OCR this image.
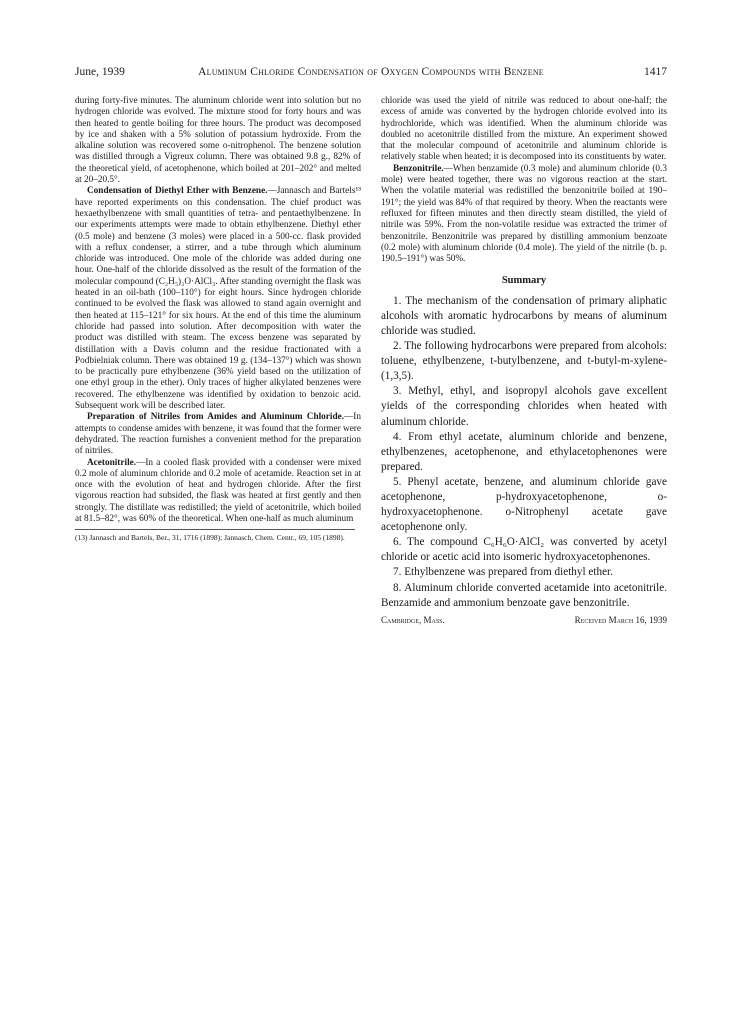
June, 1939	Aluminum Chloride Condensation of Oxygen Compounds with Benzene	1417

during forty-five minutes. The aluminum chloride went into solution but no hydrogen chloride was evolved. The mixture stood for forty hours and was then heated to gentle boiling for three hours. The product was decomposed by ice and shaken with a 5% solution of potassium hydroxide. From the alkaline solution was recovered some o-nitrophenol. The benzene solution was distilled through a Vigreux column. There was obtained 9.8 g., 82% of the theoretical yield, of acetophenone, which boiled at 201–202° and melted at 20–20.5°.

Condensation of Diethyl Ether with Benzene.—Jannasch and Bartels¹³ have reported experiments on this condensation. The chief product was hexaethylbenzene with small quantities of tetra- and pentaethylbenzene. In our experiments attempts were made to obtain ethylbenzene. Diethyl ether (0.5 mole) and benzene (3 moles) were placed in a 500-cc. flask provided with a reflux condenser, a stirrer, and a tube through which aluminum chloride was introduced. One mole of the chloride was added during one hour. One-half of the chloride dissolved as the result of the formation of the molecular compound (C₂H₅)₂O·AlCl₃. After standing overnight the flask was heated in an oil-bath (100–110°) for eight hours. Since hydrogen chloride continued to be evolved the flask was allowed to stand again overnight and then heated at 115–121° for six hours. At the end of this time the aluminum chloride had passed into solution. After decomposition with water the product was distilled with steam. The excess benzene was separated by distillation with a Davis column and the residue fractionated with a Podbielniak column. There was obtained 19 g. (134–137°) which was shown to be practically pure ethylbenzene (36% yield based on the utilization of one ethyl group in the ether). Only traces of higher alkylated benzenes were recovered. The ethylbenzene was identified by oxidation to benzoic acid. Subsequent work will be described later.

Preparation of Nitriles from Amides and Aluminum Chloride.—In attempts to condense amides with benzene, it was found that the former were dehydrated. The reaction furnishes a convenient method for the preparation of nitriles.

Acetonitrile.—In a cooled flask provided with a condenser were mixed 0.2 mole of aluminum chloride and 0.2 mole of acetamide. Reaction set in at once with the evolution of heat and hydrogen chloride. After the first vigorous reaction had subsided, the flask was heated at first gently and then strongly. The distillate was redistilled; the yield of acetonitrile, which boiled at 81.5–82°, was 60% of the theoretical. When one-half as much aluminum

(13) Jannasch and Bartels, Ber., 31, 1716 (1898); Jannasch, Chem. Centr., 69, 105 (1898).

chloride was used the yield of nitrile was reduced to about one-half; the excess of amide was converted by the hydrogen chloride evolved into its hydrochloride, which was identified. When the aluminum chloride was doubled no acetonitrile distilled from the mixture. An experiment showed that the molecular compound of acetonitrile and aluminum chloride is relatively stable when heated; it is decomposed into its constituents by water.

Benzonitrile.—When benzamide (0.3 mole) and aluminum chloride (0.3 mole) were heated together, there was no vigorous reaction at the start. When the volatile material was redistilled the benzonitrile boiled at 190–191°; the yield was 84% of that required by theory. When the reactants were refluxed for fifteen minutes and then directly steam distilled, the yield of nitrile was 59%. From the non-volatile residue was extracted the trimer of benzonitrile. Benzonitrile was prepared by distilling ammonium benzoate (0.2 mole) with aluminum chloride (0.4 mole). The yield of the nitrile (b. p. 190.5–191°) was 50%.

Summary

1. The mechanism of the condensation of primary aliphatic alcohols with aromatic hydrocarbons by means of aluminum chloride was studied.

2. The following hydrocarbons were prepared from alcohols: toluene, ethylbenzene, t-butylbenzene, and t-butyl-m-xylene-(1,3,5).

3. Methyl, ethyl, and isopropyl alcohols gave excellent yields of the corresponding chlorides when heated with aluminum chloride.

4. From ethyl acetate, aluminum chloride and benzene, ethylbenzenes, acetophenone, and ethylacetophenones were prepared.

5. Phenyl acetate, benzene, and aluminum chloride gave acetophenone, p-hydroxyacetophenone, o-hydroxyacetophenone. o-Nitrophenyl acetate gave acetophenone only.

6. The compound C₆H₆O·AlCl₂ was converted by acetyl chloride or acetic acid into isomeric hydroxyacetophenones.

7. Ethylbenzene was prepared from diethyl ether.

8. Aluminum chloride converted acetamide into acetonitrile. Benzamide and ammonium benzoate gave benzonitrile.

Cambridge, Mass.	Received March 16, 1939
